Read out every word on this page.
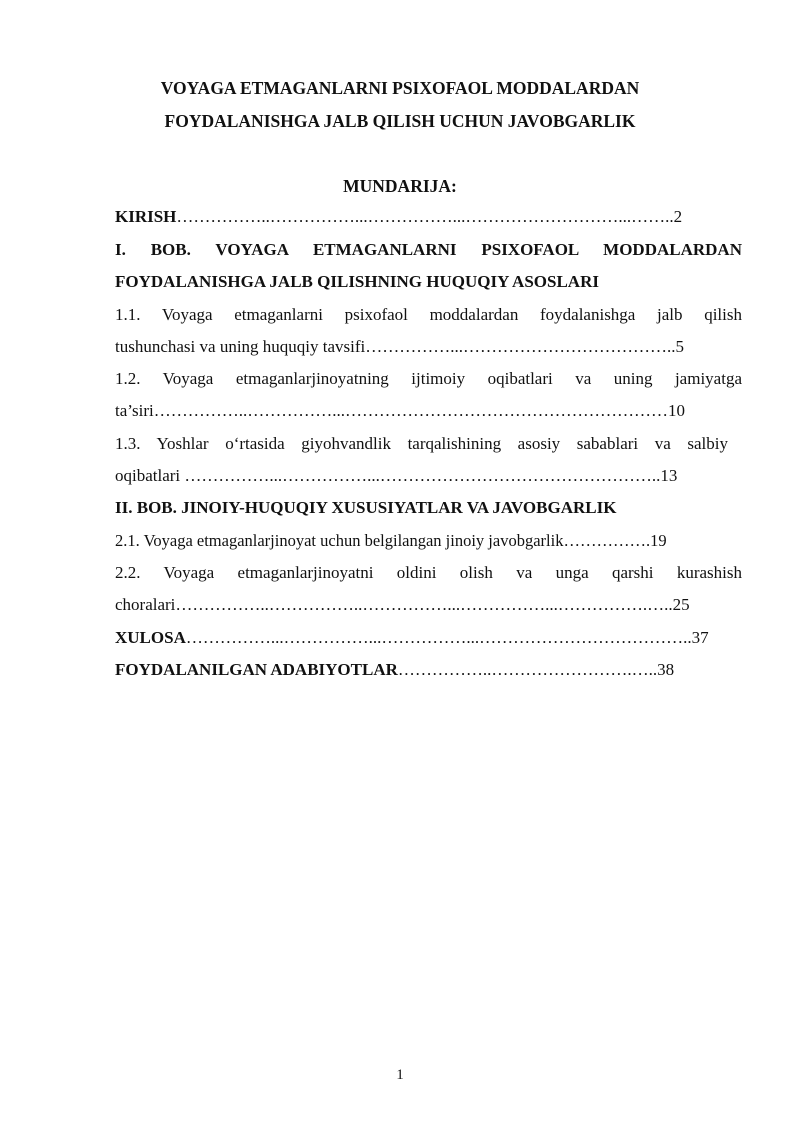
VOYAGA ETMAGANLARNI PSIXOFAOL MODDALARDAN
FOYDALANISHGA JALB QILISH UCHUN JAVOBGARLIK
MUNDARIJA:
KIRISH……………..……………...……………...………………………...……..2
I. BOB. VOYAGA ETMAGANLARNI PSIXOFAOL MODDALARDAN
FOYDALANISHGA JALB QILISHNING HUQUQIY ASOSLARI
1.1. Voyaga etmaganlarni psixofaol moddalardan foydalanishga jalb qilish
tushunchasi va uning huquqiy tavsifi……………...………………………………..5
1.2. Voyaga etmaganlarjinoyatning ijtimoiy oqibatlari va uning jamiyatga
ta’siri……………..……………...…………………………………………………10
1.3. Yoshlar o‘rtasida giyohvandlik tarqalishining asosiy sabablari va salbiy
oqibatlari ……………...……………...…………………………………………..13
II. BOB. JINOIY-HUQUQIY XUSUSIYATLAR VA JAVOBGARLIK
2.1. Voyaga etmaganlarjinoyat uchun belgilangan jinoiy javobgarlik…………….19
2.2. Voyaga etmaganlarjinoyatni oldini olish va unga qarshi kurashish
choralari……………..……………..……………...……………...…………….…..25
XULOSA……………...……………...……………...………………………………..37
FOYDALANILGAN ADABIYOTLAR……………..…………………….…..38
1
